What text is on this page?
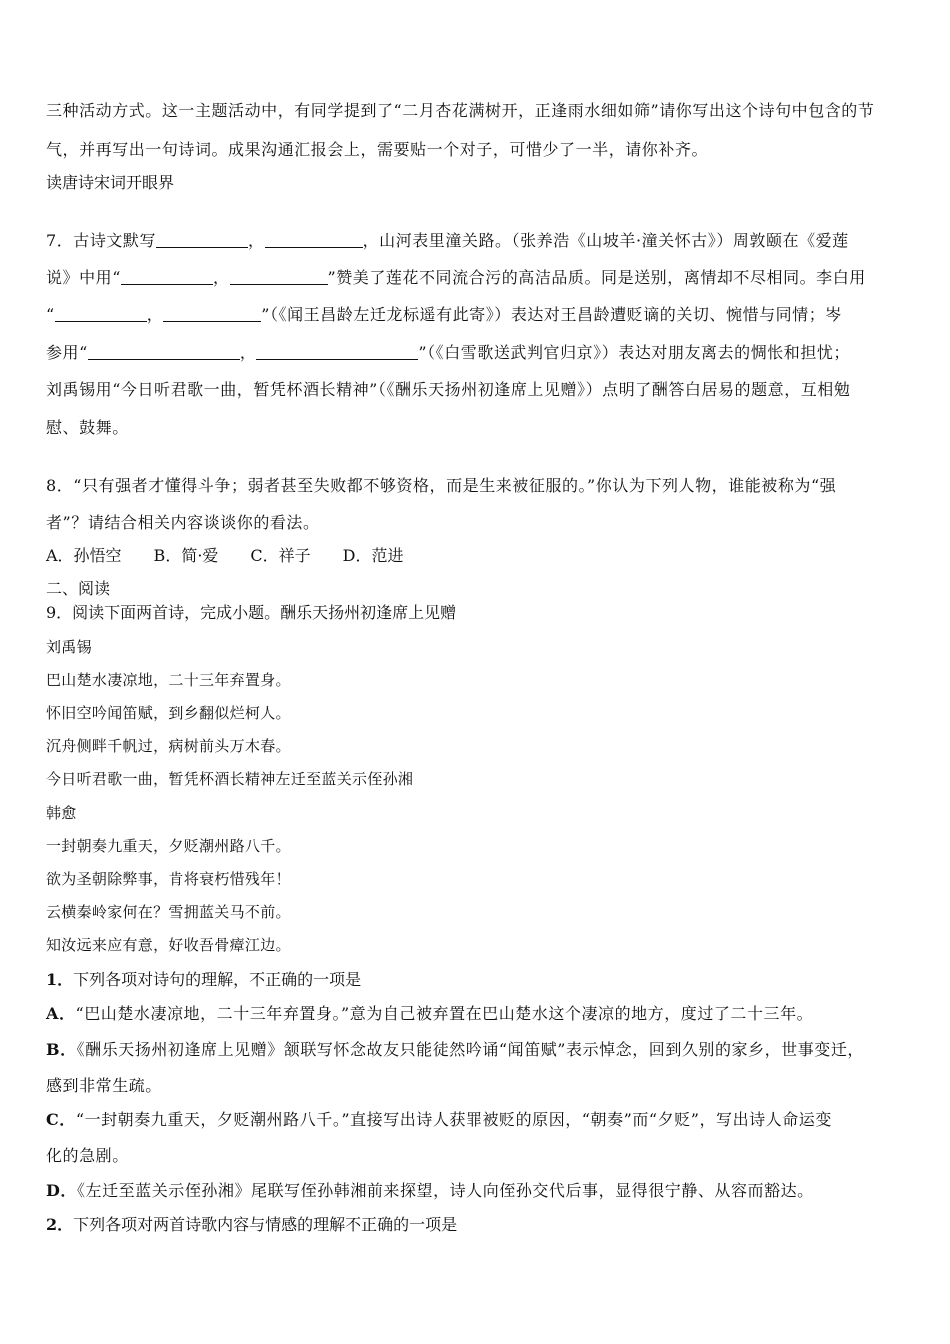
三种活动方式。这一主题活动中，有同学提到了“二月杏花满树开，正逢雨水细如筛”请你写出这个诗句中包含的节
气，并再写出一句诗词。成果沟通汇报会上，需要贴一个对子，可惜少了一半，请你补齐。
读唐诗宋词开眼界
7．古诗文默写	，	，山河表里潼关路。（张养浩《山坡羊·潼关怀古》）周敦颐在《爱莲
说》中用“	，	”赞美了莲花不同流合污的高洁品质。同是送别，离情却不尽相同。李白用
“	，	”（《闻王昌龄左迁龙标遥有此寄》）表达对王昌龄遭贬谪的关切、惋惜与同情；岑
参用“	，	”（《白雪歌送武判官归京》）表达对朋友离去的惆怅和担忧；
刘禹锡用“今日听君歌一曲，暂凭杯酒长精神”（《酬乐天扬州初逢席上见赠》）点明了酬答白居易的题意，互相勉
慰、鼓舞。
8．“只有强者才懂得斗争；弱者甚至失败都不够资格，而是生来被征服的。”你认为下列人物，谁能被称为“强
者”？请结合相关内容谈谈你的看法。
A．孙悟空　　B．简·爱　　C．祥子　　D．范进
二、阅读
9．阅读下面两首诗，完成小题。酬乐天扬州初逢席上见赠
刘禹锡
巴山楚水凄凉地，二十三年弃置身。
怀旧空吟闻笛赋，到乡翻似烂柯人。
沉舟侧畔千帆过，病树前头万木春。
今日听君歌一曲，暂凭杯酒长精神左迁至蓝关示侄孙湘
韩愈
一封朝奏九重天，夕贬潮州路八千。
欲为圣朝除弊事，肯将衰朽惜残年！
云横秦岭家何在？雪拥蓝关马不前。
知汝远来应有意，好收吾骨瘴江边。
1．下列各项对诗句的理解，不正确的一项是
A．“巴山楚水凄凉地，二十三年弃置身。”意为自己被弃置在巴山楚水这个凄凉的地方，度过了二十三年。
B．《酬乐天扬州初逢席上见赠》颔联写怀念故友只能徒然吟诵“闻笛赋”表示悼念，回到久别的家乡，世事变迁，
感到非常生疏。
C．“一封朝奏九重天，夕贬潮州路八千。”直接写出诗人获罪被贬的原因，“朝奏”而“夕贬”，写出诗人命运变
化的急剧。
D．《左迁至蓝关示侄孙湘》尾联写侄孙韩湘前来探望，诗人向侄孙交代后事，显得很宁静、从容而豁达。
2．下列各项对两首诗歌内容与情感的理解不正确的一项是
